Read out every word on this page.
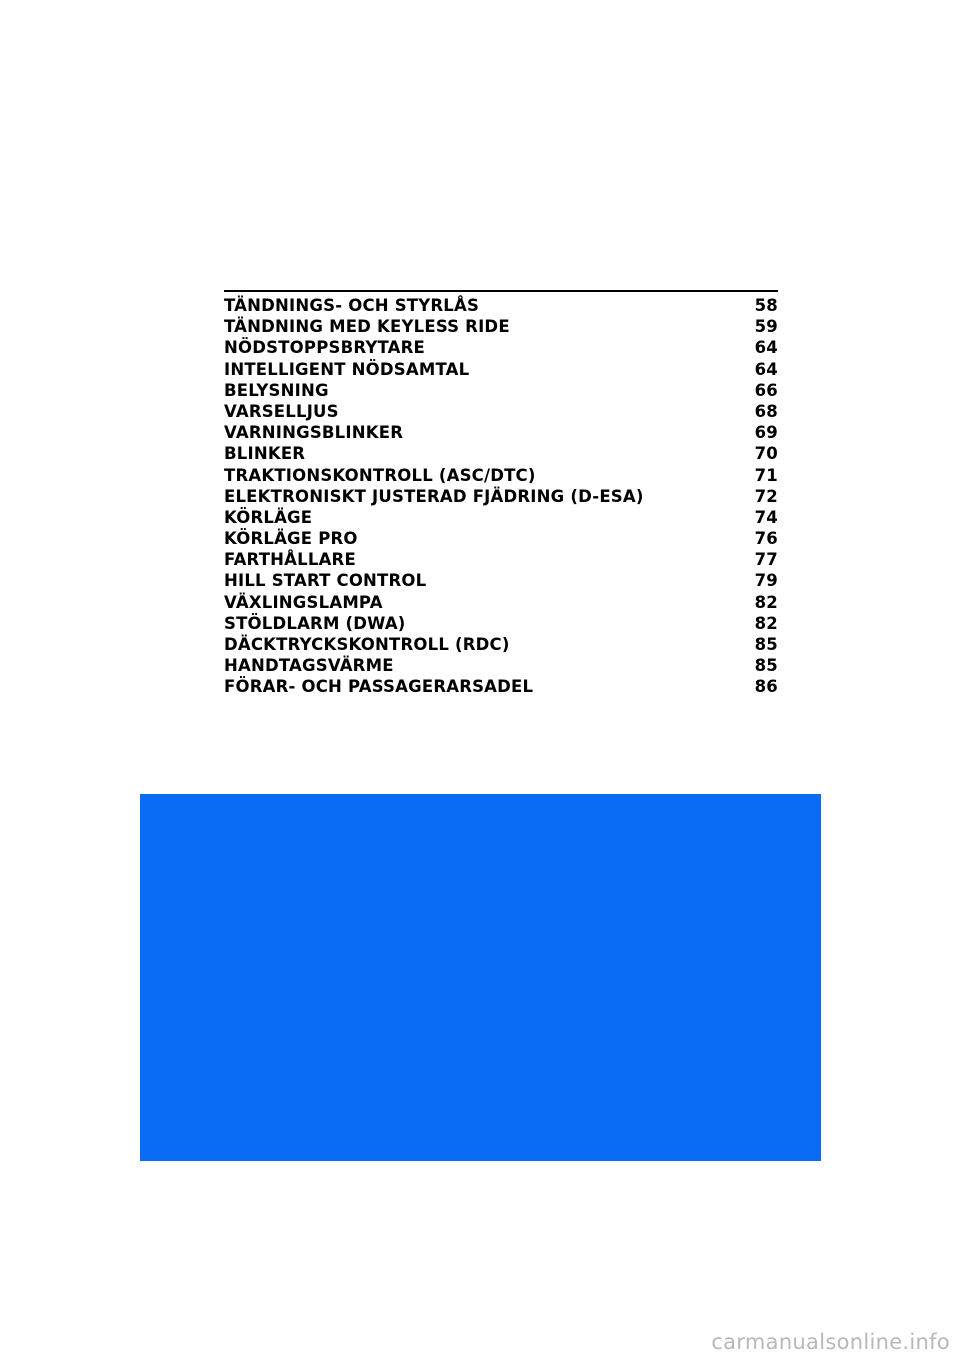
TÄNDNINGS- OCH STYRLÅS	58
TÄNDNING MED KEYLESS RIDE	59
NÖDSTOPPSBRYTARE	64
INTELLIGENT NÖDSAMTAL	64
BELYSNING	66
VARSELLJUS	68
VARNINGSBLINKER	69
BLINKER	70
TRAKTIONSKONTROLL (ASC/DTC)	71
ELEKTRONISKT JUSTERAD FJÄDRING (D-ESA)	72
KÖRLÄGE	74
KÖRLÄGE PRO	76
FARTHÅLLARE	77
HILL START CONTROL	79
VÄXLINGSLAMPA	82
STÖLDLARM (DWA)	82
DÄCKTRYCKSKONTROLL (RDC)	85
HANDTAGSVÄRME	85
FÖRAR- OCH PASSAGERARSADEL	86
carmanualsonline.info
